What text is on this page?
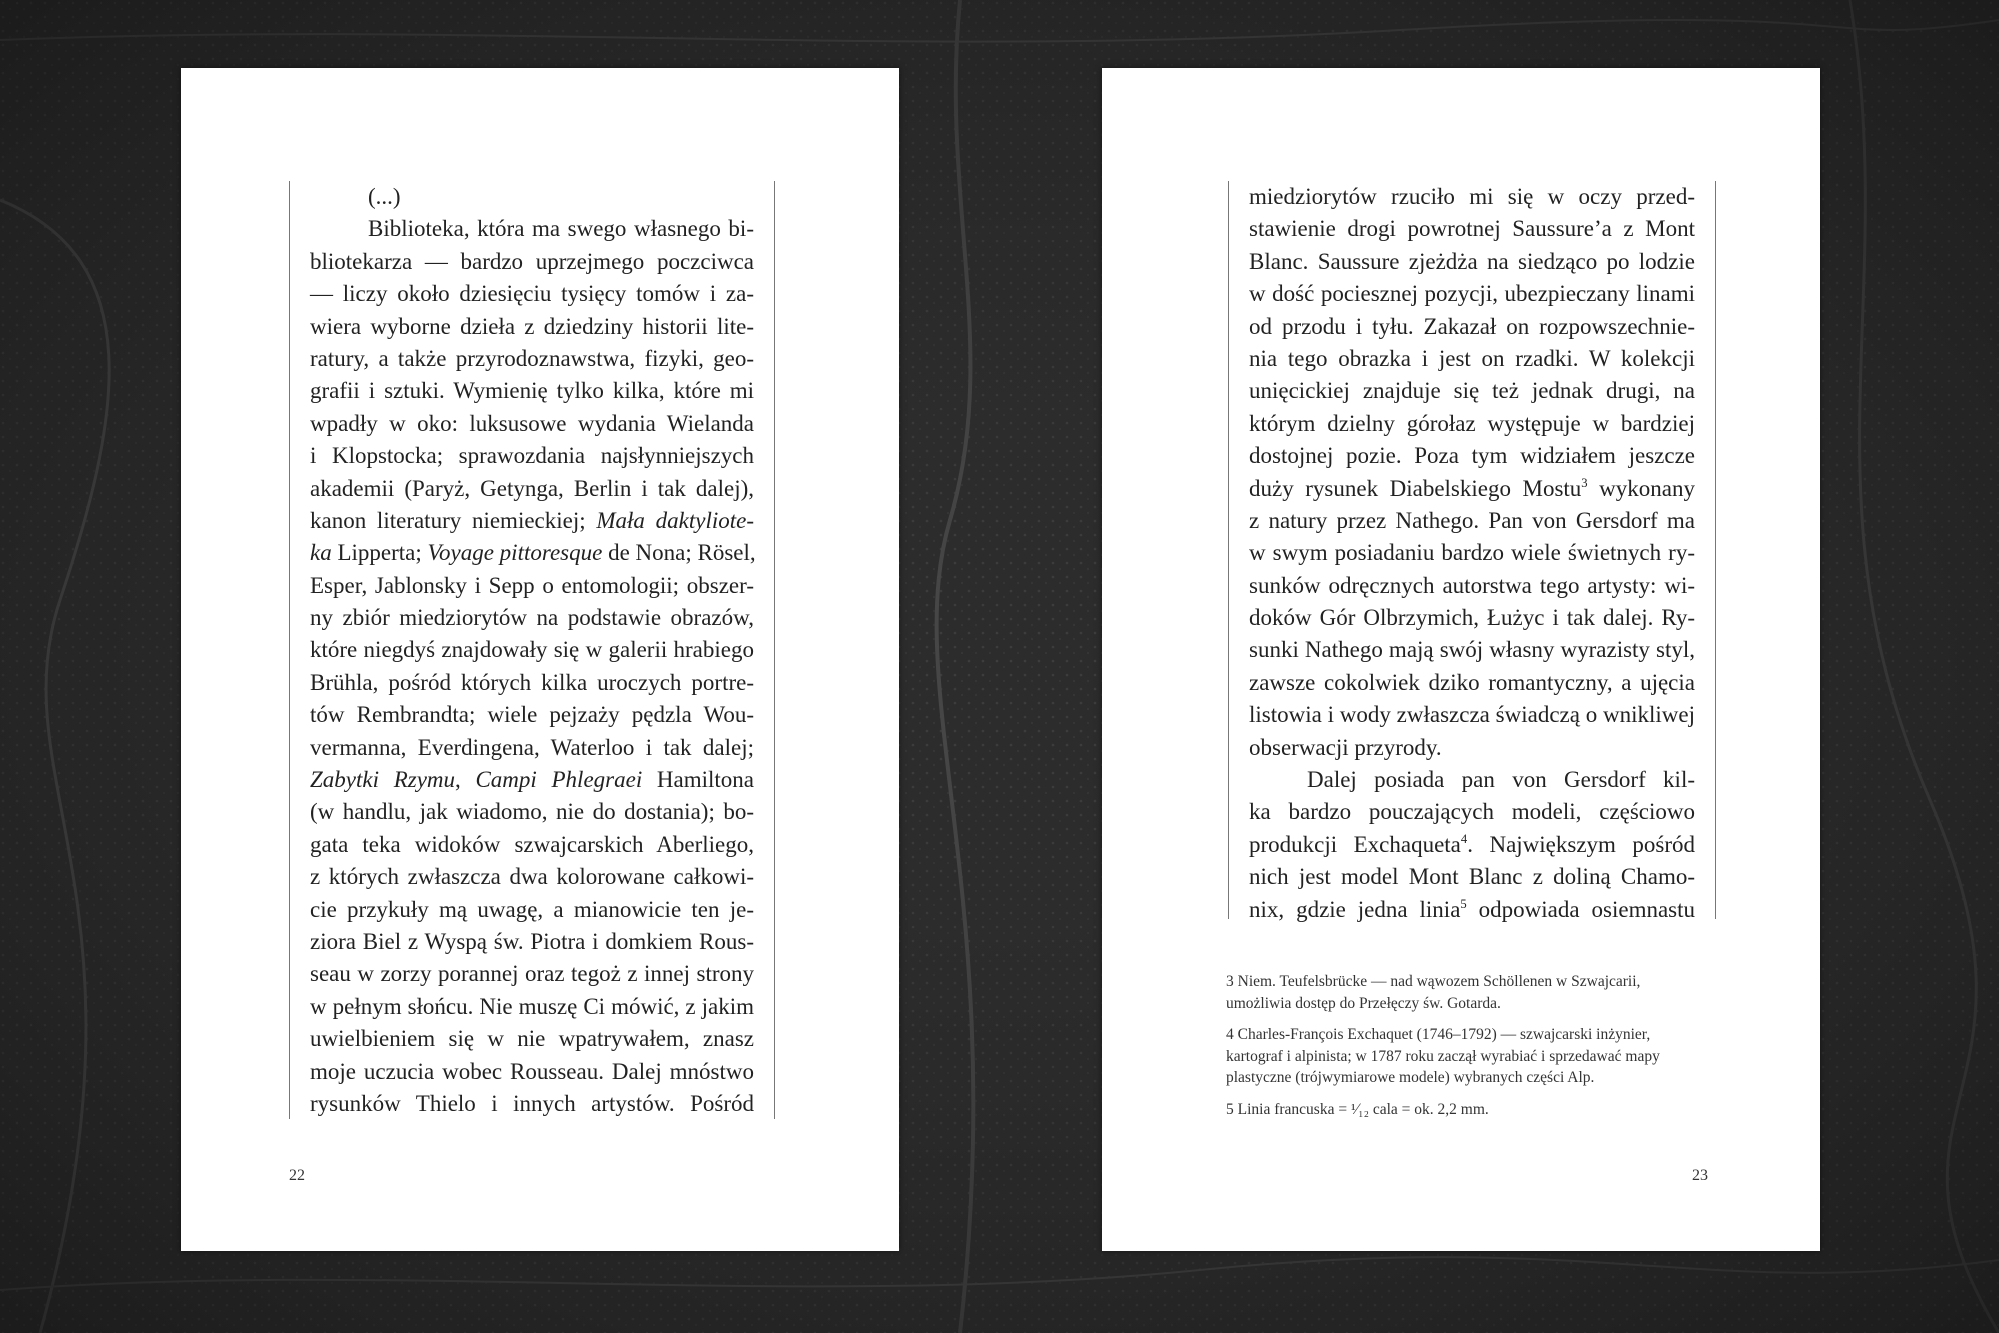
(...)
Biblioteka, która ma swego własnego bi-
bliotekarza — bardzo uprzejmego poczciwca
— liczy około dziesięciu tysięcy tomów i za-
wiera wyborne dzieła z dziedziny historii lite-
ratury, a także przyrodoznawstwa, fizyki, geo-
grafii i sztuki. Wymienię tylko kilka, które mi
wpadły w oko: luksusowe wydania Wielanda
i Klopstocka; sprawozdania najsłynniejszych
akademii (Paryż, Getynga, Berlin i tak dalej),
kanon literatury niemieckiej; Mała daktyliote-
ka Lipperta; Voyage pittoresque de Nona; Rösel,
Esper, Jablonsky i Sepp o entomologii; obszer-
ny zbiór miedziorytów na podstawie obrazów,
które niegdyś znajdowały się w galerii hrabiego
Brühla, pośród których kilka uroczych portre-
tów Rembrandta; wiele pejzaży pędzla Wou-
vermanna, Everdingena, Waterloo i tak dalej;
Zabytki Rzymu, Campi Phlegraei Hamiltona
(w handlu, jak wiadomo, nie do dostania); bo-
gata teka widoków szwajcarskich Aberliego,
z których zwłaszcza dwa kolorowane całkowi-
cie przykuły mą uwagę, a mianowicie ten je-
ziora Biel z Wyspą św. Piotra i domkiem Rous-
seau w zorzy porannej oraz tegoż z innej strony
w pełnym słońcu. Nie muszę Ci mówić, z jakim
uwielbieniem się w nie wpatrywałem, znasz
moje uczucia wobec Rousseau. Dalej mnóstwo
rysunków Thielo i innych artystów. Pośród
22
miedziorytów rzuciło mi się w oczy przed-
stawienie drogi powrotnej Saussure’a z Mont
Blanc. Saussure zjeżdża na siedząco po lodzie
w dość pociesznej pozycji, ubezpieczany linami
od przodu i tyłu. Zakazał on rozpowszechnie-
nia tego obrazka i jest on rzadki. W kolekcji
unięcickiej znajduje się też jednak drugi, na
którym dzielny górołaz występuje w bardziej
dostojnej pozie. Poza tym widziałem jeszcze
duży rysunek Diabelskiego Mostu$^3$ wykonany
z natury przez Nathego. Pan von Gersdorf ma
w swym posiadaniu bardzo wiele świetnych ry-
sunków odręcznych autorstwa tego artysty: wi-
doków Gór Olbrzymich, Łużyc i tak dalej. Ry-
sunki Nathego mają swój własny wyrazisty styl,
zawsze cokolwiek dziko romantyczny, a ujęcia
listowia i wody zwłaszcza świadczą o wnikliwej
obserwacji przyrody.
Dalej posiada pan von Gersdorf kil-
ka bardzo pouczających modeli, częściowo
produkcji Exchaqueta$^4$. Największym pośród
nich jest model Mont Blanc z doliną Chamo-
nix, gdzie jedna linia$^5$ odpowiada osiemnastu
3 Niem. Teufelsbrücke — nad wąwozem Schöllenen w Szwajcarii,
umożliwia dostęp do Przełęczy św. Gotarda.
4 Charles-François Exchaquet (1746–1792) — szwajcarski inżynier,
kartograf i alpinista; w 1787 roku zaczął wyrabiać i sprzedawać mapy
plastyczne (trójwymiarowe modele) wybranych części Alp.
5 Linia francuska = ¹⁄₁₂ cala = ok. 2,2 mm.
23
